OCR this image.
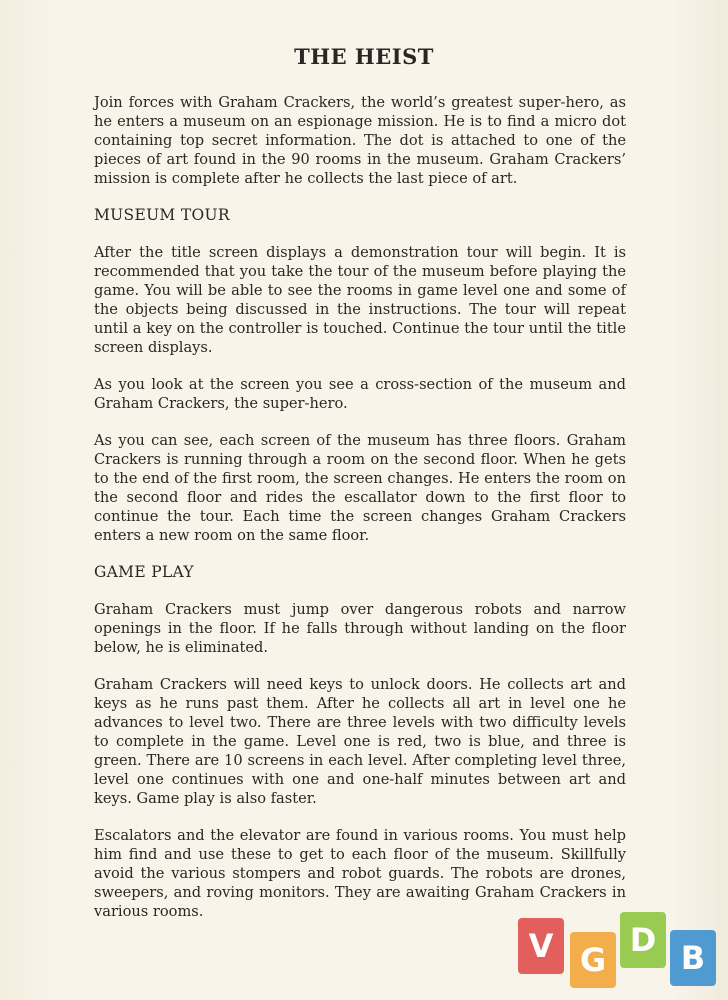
THE HEIST

Join forces with Graham Crackers, the world’s greatest super-hero, as he enters a museum on an espionage mission. He is to find a micro dot containing top secret information. The dot is attached to one of the pieces of art found in the 90 rooms in the museum. Graham Crackers’ mission is complete after he collects the last piece of art.

MUSEUM TOUR

After the title screen displays a demonstration tour will begin. It is recommended that you take the tour of the museum before playing the game. You will be able to see the rooms in game level one and some of the objects being discussed in the instructions. The tour will repeat until a key on the controller is touched. Continue the tour until the title screen displays.

As you look at the screen you see a cross-section of the museum and Graham Crackers, the super-hero.

As you can see, each screen of the museum has three floors. Graham Crackers is running through a room on the second floor. When he gets to the end of the first room, the screen changes. He enters the room on the second floor and rides the escallator down to the first floor to continue the tour. Each time the screen changes Graham Crackers enters a new room on the same floor.

GAME PLAY

Graham Crackers must jump over dangerous robots and narrow openings in the floor. If he falls through without landing on the floor below, he is eliminated.

Graham Crackers will need keys to unlock doors. He collects art and keys as he runs past them. After he collects all art in level one he advances to level two. There are three levels with two difficulty levels to complete in the game. Level one is red, two is blue, and three is green. There are 10 screens in each level. After completing level three, level one continues with one and one-half minutes between art and keys. Game play is also faster.

Escalators and the elevator are found in various rooms. You must help him find and use these to get to each floor of the museum. Skillfully avoid the various stompers and robot guards. The robots are drones, sweepers, and roving monitors. They are awaiting Graham Crackers in various rooms.

V G
D B
